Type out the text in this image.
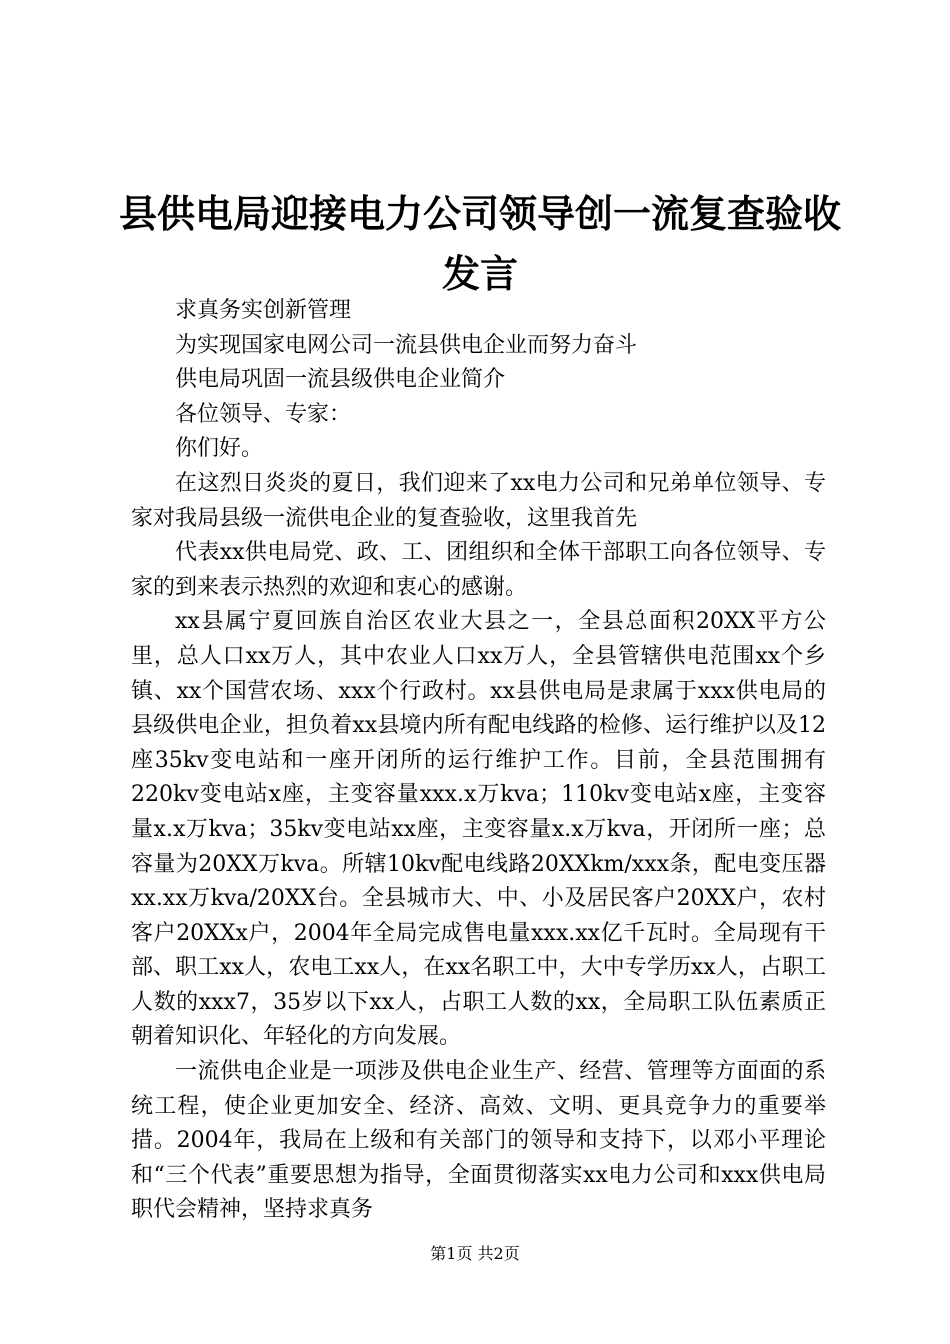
县供电局迎接电力公司领导创一流复查验收发言

求真务实创新管理

为实现国家电网公司一流县供电企业而努力奋斗

供电局巩固一流县级供电企业简介

各位领导、专家：

你们好。

在这烈日炎炎的夏日，我们迎来了xx电力公司和兄弟单位领导、专家对我局县级一流供电企业的复查验收，这里我首先

代表xx供电局党、政、工、团组织和全体干部职工向各位领导、专家的到来表示热烈的欢迎和衷心的感谢。

xx县属宁夏回族自治区农业大县之一，全县总面积20XX平方公里，总人口xx万人，其中农业人口xx万人，全县管辖供电范围xx个乡镇、xx个国营农场、xxx个行政村。xx县供电局是隶属于xxx供电局的县级供电企业，担负着xx县境内所有配电线路的检修、运行维护以及12座35kv变电站和一座开闭所的运行维护工作。目前，全县范围拥有220kv变电站x座，主变容量xxx.x万kva；110kv变电站x座，主变容量x.x万kva；35kv变电站xx座，主变容量x.x万kva，开闭所一座；总容量为20XX万kva。所辖10kv配电线路20XXkm/xxx条，配电变压器xx.xx万kva/20XX台。全县城市大、中、小及居民客户20XX户，农村客户20XXx户，2004年全局完成售电量xxx.xx亿千瓦时。全局现有干部、职工xx人，农电工xx人，在xx名职工中，大中专学历xx人，占职工人数的xxx7，35岁以下xx人，占职工人数的xx，全局职工队伍素质正朝着知识化、年轻化的方向发展。

一流供电企业是一项涉及供电企业生产、经营、管理等方面面的系统工程，使企业更加安全、经济、高效、文明、更具竞争力的重要举措。2004年，我局在上级和有关部门的领导和支持下，以邓小平理论和“三个代表”重要思想为指导，全面贯彻落实xx电力公司和xxx供电局职代会精神，坚持求真务

第1页 共2页
